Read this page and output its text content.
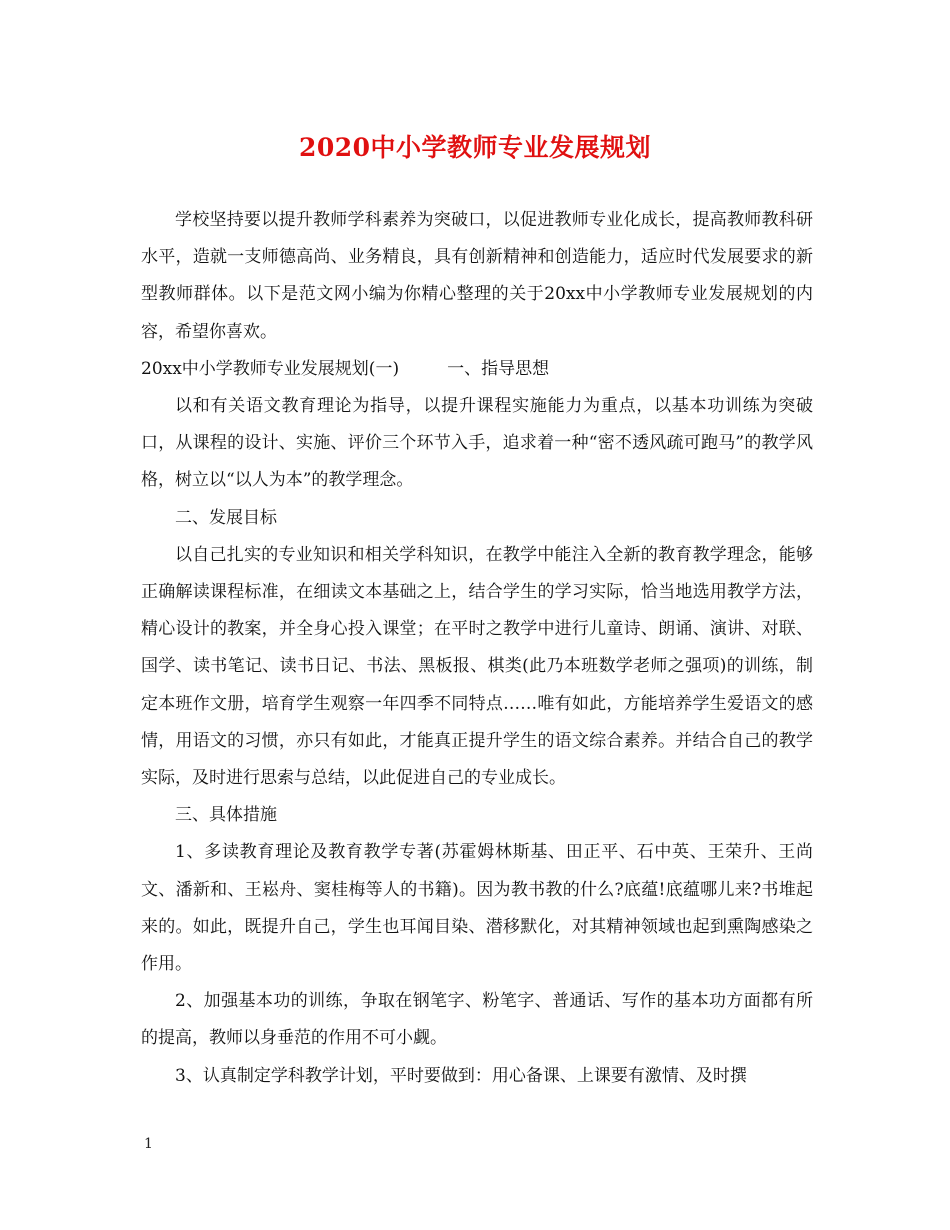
2020中小学教师专业发展规划

学校坚持要以提升教师学科素养为突破口，以促进教师专业化成长，提高教师教科研水平，造就一支师德高尚、业务精良，具有创新精神和创造能力，适应时代发展要求的新型教师群体。以下是范文网小编为你精心整理的关于20xx中小学教师专业发展规划的内容，希望你喜欢。

20xx中小学教师专业发展规划(一)	一、指导思想

以和有关语文教育理论为指导，以提升课程实施能力为重点，以基本功训练为突破口，从课程的设计、实施、评价三个环节入手，追求着一种“密不透风疏可跑马”的教学风格，树立以“以人为本”的教学理念。

二、发展目标

以自己扎实的专业知识和相关学科知识，在教学中能注入全新的教育教学理念，能够正确解读课程标准，在细读文本基础之上，结合学生的学习实际，恰当地选用教学方法，精心设计的教案，并全身心投入课堂；在平时之教学中进行儿童诗、朗诵、演讲、对联、国学、读书笔记、读书日记、书法、黑板报、棋类(此乃本班数学老师之强项)的训练，制定本班作文册，培育学生观察一年四季不同特点……唯有如此，方能培养学生爱语文的感情，用语文的习惯，亦只有如此，才能真正提升学生的语文综合素养。并结合自己的教学实际，及时进行思索与总结，以此促进自己的专业成长。

三、具体措施

1、多读教育理论及教育教学专著(苏霍姆林斯基、田正平、石中英、王荣升、王尚文、潘新和、王崧舟、窦桂梅等人的书籍)。因为教书教的什么?底蕴!底蕴哪儿来?书堆起来的。如此，既提升自己，学生也耳闻目染、潜移默化，对其精神领域也起到熏陶感染之作用。

2、加强基本功的训练，争取在钢笔字、粉笔字、普通话、写作的基本功方面都有所的提高，教师以身垂范的作用不可小觑。

3、认真制定学科教学计划，平时要做到：用心备课、上课要有激情、及时撰

1
